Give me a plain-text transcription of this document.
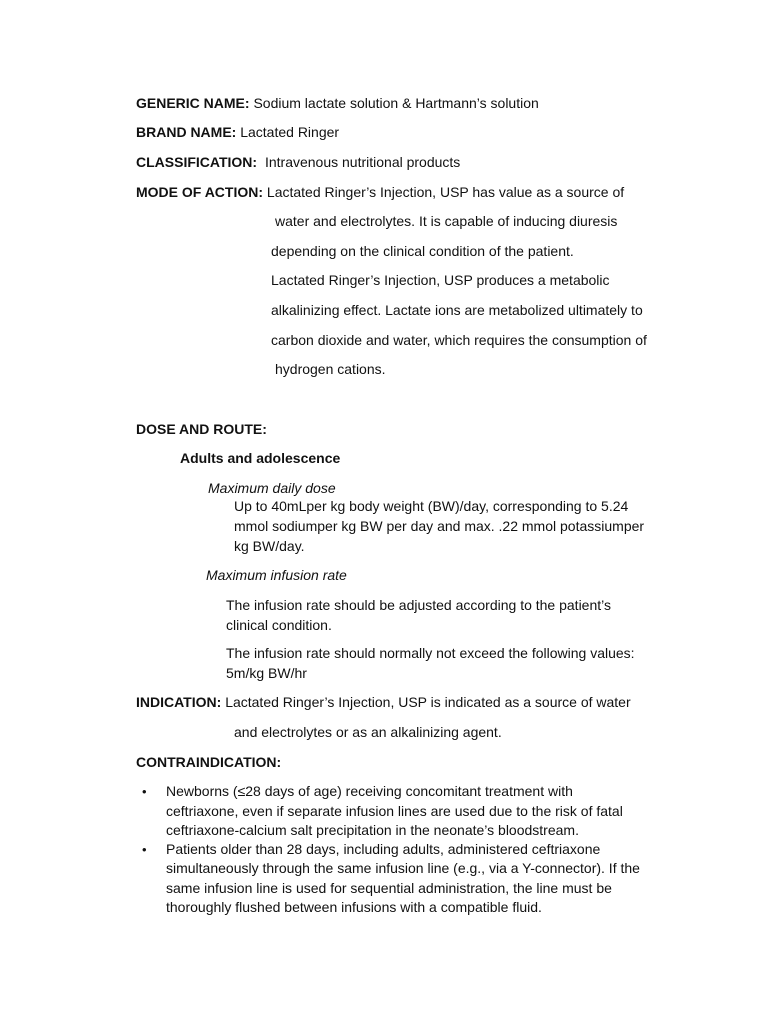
GENERIC NAME: Sodium lactate solution & Hartmann’s solution
BRAND NAME: Lactated Ringer
CLASSIFICATION: Intravenous nutritional products
MODE OF ACTION: Lactated Ringer’s Injection, USP has value as a source of
water and electrolytes. It is capable of inducing diuresis
depending on the clinical condition of the patient.
Lactated Ringer’s Injection, USP produces a metabolic
alkalinizing effect. Lactate ions are metabolized ultimately to
carbon dioxide and water, which requires the consumption of
hydrogen cations.
DOSE AND ROUTE:
Adults and adolescence
Maximum daily dose
Up to 40mLper kg body weight (BW)/day, corresponding to 5.24
mmol sodiumper kg BW per day and max. .22 mmol potassiumper
kg BW/day.
Maximum infusion rate
The infusion rate should be adjusted according to the patient’s
clinical condition.
The infusion rate should normally not exceed the following values:
5m/kg BW/hr
INDICATION: Lactated Ringer’s Injection, USP is indicated as a source of water
and electrolytes or as an alkalinizing agent.
CONTRAINDICATION:
• Newborns (≤28 days of age) receiving concomitant treatment with
ceftriaxone, even if separate infusion lines are used due to the risk of fatal
ceftriaxone-calcium salt precipitation in the neonate’s bloodstream.
• Patients older than 28 days, including adults, administered ceftriaxone
simultaneously through the same infusion line (e.g., via a Y-connector). If the
same infusion line is used for sequential administration, the line must be
thoroughly flushed between infusions with a compatible fluid.
